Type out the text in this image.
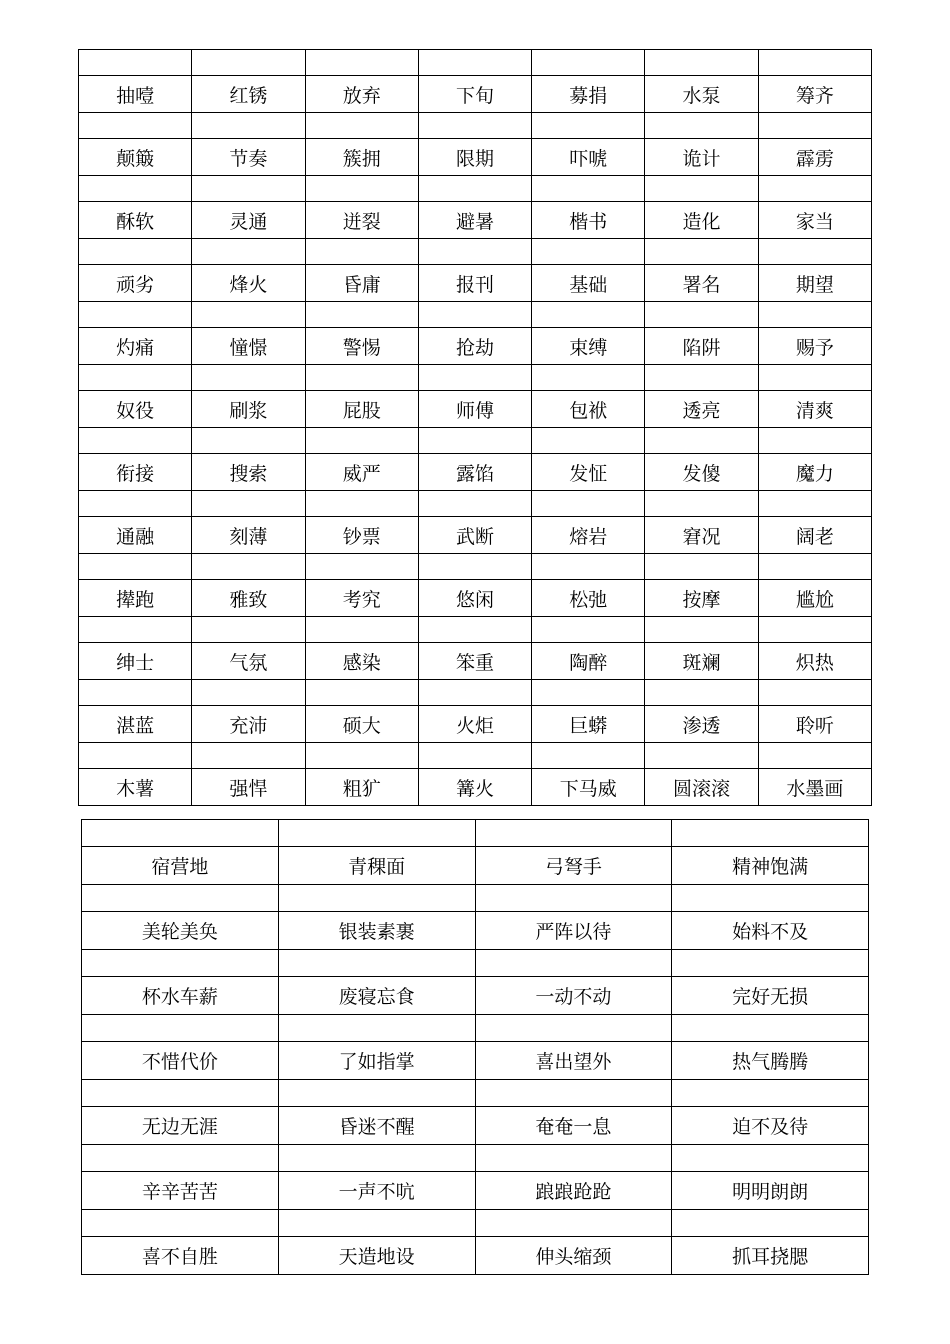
抽噎	红锈	放弃	下旬	募捐	水泵	筹齐

颠簸	节奏	簇拥	限期	吓唬	诡计	霹雳

酥软	灵通	迸裂	避暑	楷书	造化	家当

顽劣	烽火	昏庸	报刊	基础	署名	期望

灼痛	憧憬	警惕	抢劫	束缚	陷阱	赐予

奴役	刷浆	屁股	师傅	包袱	透亮	清爽

衔接	搜索	威严	露馅	发怔	发傻	魔力

通融	刻薄	钞票	武断	熔岩	窘况	阔老

撵跑	雅致	考究	悠闲	松弛	按摩	尴尬

绅士	气氛	感染	笨重	陶醉	斑斓	炽热

湛蓝	充沛	硕大	火炬	巨蟒	渗透	聆听

木薯	强悍	粗犷	篝火	下马威	圆滚滚	水墨画

宿营地	青稞面	弓弩手	精神饱满

美轮美奂	银装素裹	严阵以待	始料不及

杯水车薪	废寝忘食	一动不动	完好无损

不惜代价	了如指掌	喜出望外	热气腾腾

无边无涯	昏迷不醒	奄奄一息	迫不及待

辛辛苦苦	一声不吭	踉踉跄跄	明明朗朗

喜不自胜	天造地设	伸头缩颈	抓耳挠腮
